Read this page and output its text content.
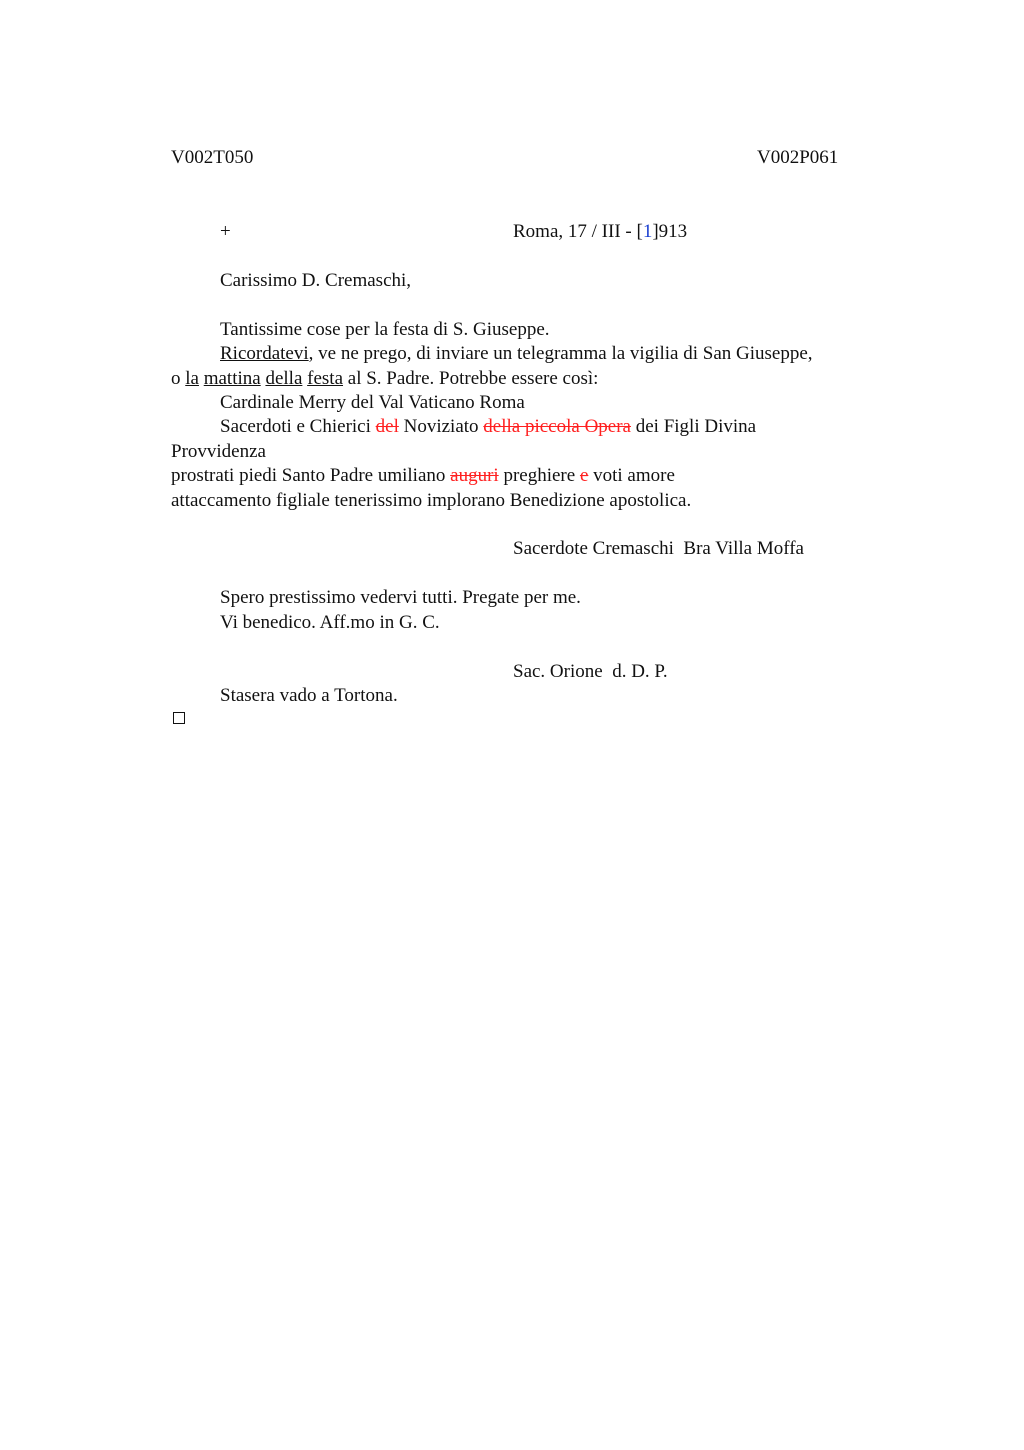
V002T050	V002P061
+	Roma, 17 / III - [1]913
Carissimo D. Cremaschi,
Tantissime cose per la festa di S. Giuseppe.
Ricordatevi, ve ne prego, di inviare un telegramma la vigilia di San Giuseppe,
o la mattina della festa al S. Padre. Potrebbe essere così:
Cardinale Merry del Val Vaticano Roma
Sacerdoti e Chierici del Noviziato della piccola Opera dei Figli Divina
Provvidenza
prostrati piedi Santo Padre umiliano auguri preghiere e voti amore
attaccamento figliale tenerissimo implorano Benedizione apostolica.
Sacerdote Cremaschi  Bra Villa Moffa
Spero prestissimo vedervi tutti. Pregate per me.
Vi benedico. Aff.mo in G. C.
Sac. Orione  d. D. P.
Stasera vado a Tortona.
